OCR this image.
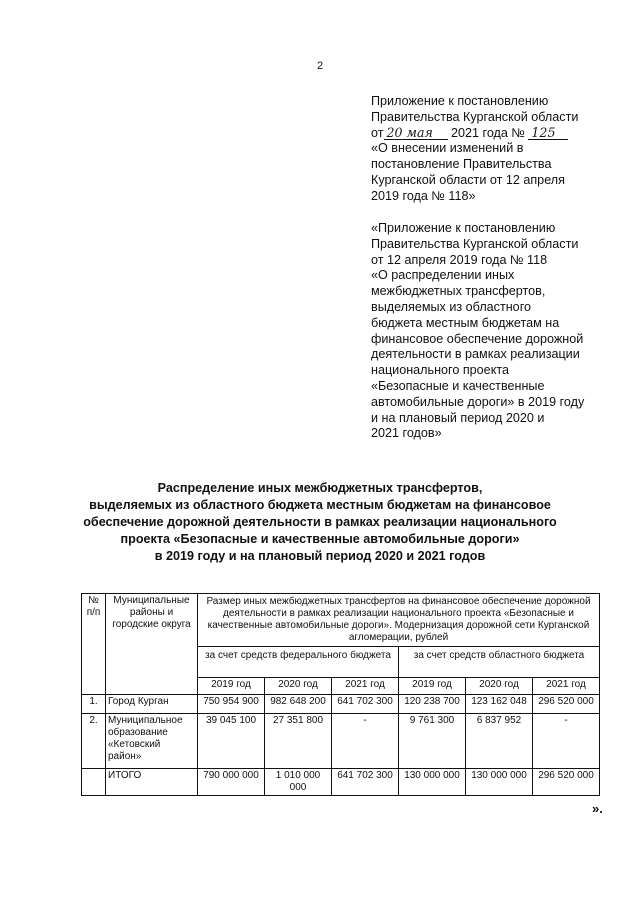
2

Приложение к постановлению

Правительства Курганской области

от 20 мая 2021 года № 125

«О внесении изменений в

постановление Правительства

Курганской области от 12 апреля

2019 года № 118»

«Приложение к постановлению

Правительства Курганской области

от 12 апреля 2019 года № 118

«О распределении иных

межбюджетных трансфертов,

выделяемых из областного

бюджета местным бюджетам на

финансовое обеспечение дорожной

деятельности в рамках реализации

национального проекта

«Безопасные и качественные

автомобильные дороги» в 2019 году

и на плановый период 2020 и

2021 годов»

Распределение иных межбюджетных трансфертов,

выделяемых из областного бюджета местным бюджетам на финансовое

обеспечение дорожной деятельности в рамках реализации национального

проекта «Безопасные и качественные автомобильные дороги»

в 2019 году и на плановый период 2020 и 2021 годов

№ п/п	Муниципальные районы и городские округа	Размер иных межбюджетных трансфертов на финансовое обеспечение дорожной деятельности в рамках реализации национального проекта «Безопасные и качественные автомобильные дороги». Модернизация дорожной сети Курганской агломерации, рублей					
		за счет средств федерального бюджета			за счет средств областного бюджета		
		2019 год	2020 год	2021 год	2019 год	2020 год	2021 год
1.	Город Курган	750 954 900	982 648 200	641 702 300	120 238 700	123 162 048	296 520 000
2.	Муниципальное образование «Кетовский район»	39 045 100	27 351 800	-	9 761 300	6 837 952	-
	ИТОГО	790 000 000	1 010 000 000	641 702 300	130 000 000	130 000 000	296 520 000
».
